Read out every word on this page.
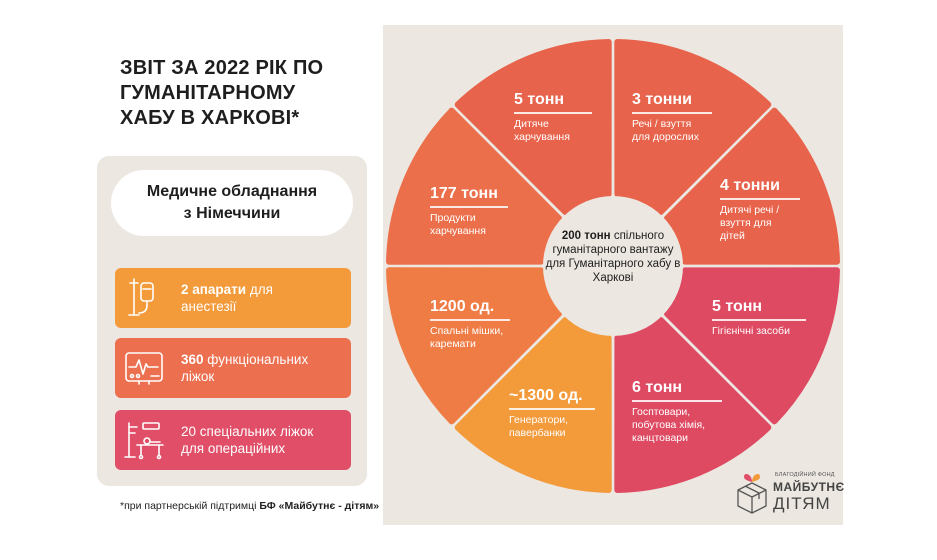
ЗВІТ ЗА 2022 РІК ПО
ГУМАНІТАРНОМУ
ХАБУ В ХАРКОВІ*
Медичне обладнання
з Німеччини
2 апарати для
анестезії
360 функціональних
ліжок
20 спеціальних ліжок
для операційних
*при партнерській підтримці БФ «Майбутнє - дітям»
5 тонн
Дитяче
харчування
3 тонни
Речі / взуття
для дорослих
4 тонни
Дитячі речі /
взуття для
дітей
5 тонн
Гігієнічні засоби
6 тонн
Госптовари,
побутова хімія,
канцтовари
~1300 од.
Генератори,
павербанки
1200 од.
Спальні мішки,
каремати
177 тонн
Продукти
харчування	200 тонн спільного гуманітарного вантажу для Гуманітарного хабу в Харкові
БЛАГОДІЙНИЙ ФОНД
МАЙБУТНЄ
ДІТЯМ
